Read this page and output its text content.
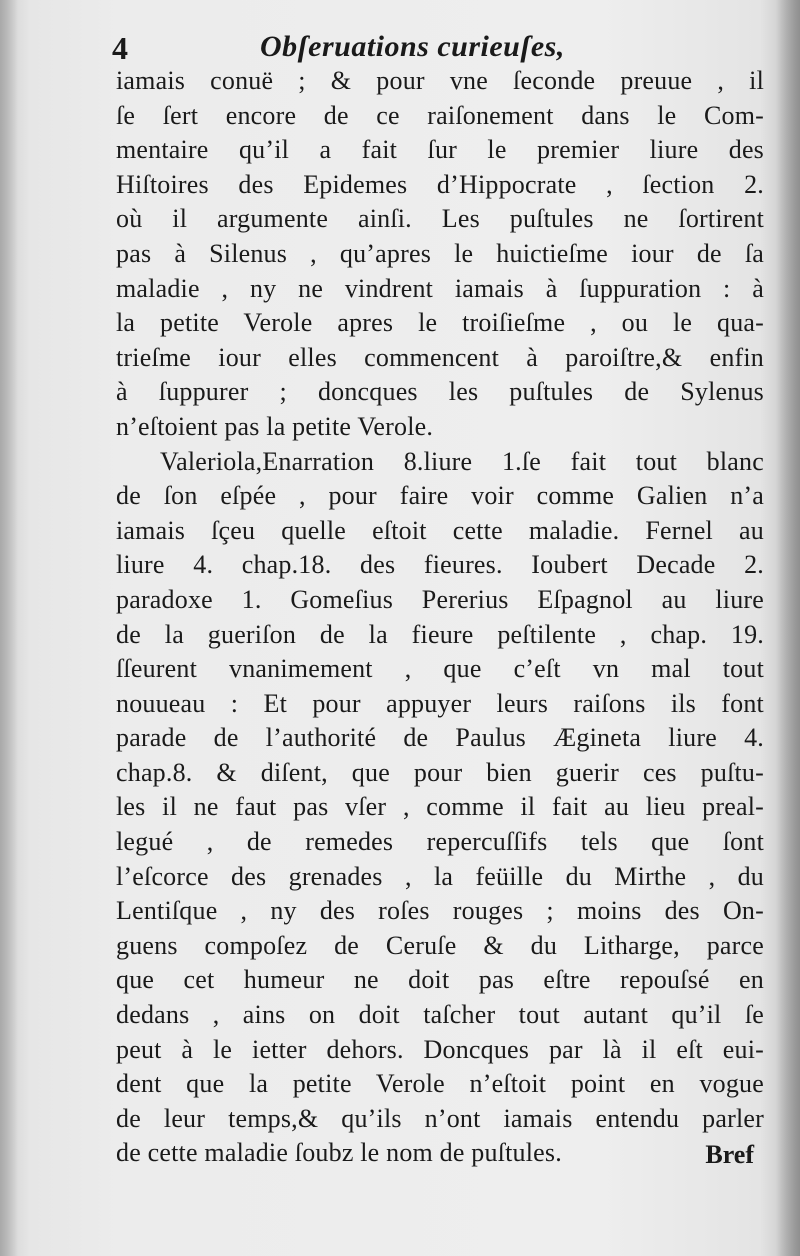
4	Obſeruations curieuſes,
iamais conuë ; & pour vne ſeconde preuue , il
ſe ſert encore de ce raiſonement dans le Com-
mentaire qu’il a fait ſur le premier liure des
Hiſtoires des Epidemes d’Hippocrate , ſection 2.
où il argumente ainſi. Les puſtules ne ſortirent
pas à Silenus , qu’apres le huictieſme iour de ſa
maladie , ny ne vindrent iamais à ſuppuration : à
la petite Verole apres le troiſieſme , ou le qua-
trieſme iour elles commencent à paroiſtre,& enfin
à ſuppurer ; doncques les puſtules de Sylenus
n’eſtoient pas la petite Verole.
Valeriola,Enarration 8.liure 1.ſe fait tout blanc
de ſon eſpée , pour faire voir comme Galien n’a
iamais ſçeu quelle eſtoit cette maladie. Fernel au
liure 4. chap.18. des fieures. Ioubert Decade 2.
paradoxe 1. Gomeſius Pererius Eſpagnol au liure
de la gueriſon de la fieure peſtilente , chap. 19.
ſſeurent vnanimement , que c’eſt vn mal tout
nouueau : Et pour appuyer leurs raiſons ils font
parade de l’authorité de Paulus Æginetа liure 4.
chap.8. & diſent, que pour bien guerir ces puſtu-
les il ne faut pas vſer , comme il fait au lieu preal-
legué , de remedes repercuſſifs tels que ſont
l’eſcorce des grenades , la feüille du Mirthe , du
Lentiſque , ny des roſes rouges ; moins des On-
guens compoſez de Ceruſe & du Litharge, parce
que cet humeur ne doit pas eſtre repouſsé en
dedans , ains on doit taſcher tout autant qu’il ſe
peut à le ietter dehors. Doncques par là il eſt eui-
dent que la petite Verole n’eſtoit point en vogue
de leur temps,& qu’ils n’ont iamais entendu parler
de cette maladie ſoubz le nom de puſtules.	Bref
